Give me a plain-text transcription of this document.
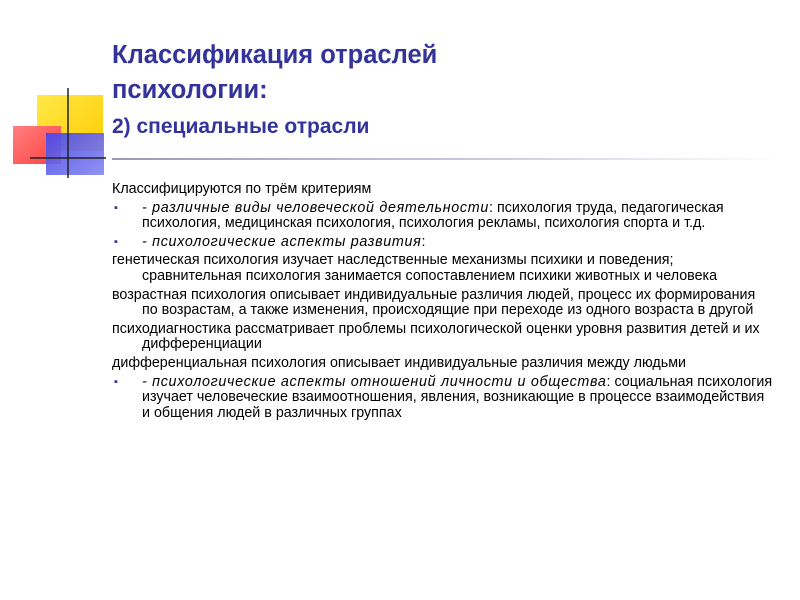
Классификация отраслей
психологии:
2) специальные отрасли
Классифицируются по трём критериям
▪ - различные виды человеческой деятельности: психология труда, педагогическая психология, медицинская психология, психология рекламы, психология спорта и т.д.
▪ - психологические аспекты развития:
генетическая психология изучает наследственные механизмы психики и поведения; сравнительная психология занимается сопоставлением психики животных и человека
возрастная психология описывает индивидуальные различия людей, процесс их формирования по возрастам, а также изменения, происходящие при переходе из одного возраста в другой
психодиагностика рассматривает проблемы психологической оценки уровня развития детей и их дифференциации
дифференциальная психология описывает индивидуальные различия между людьми
▪ - психологические аспекты отношений личности и общества: социальная психология изучает человеческие взаимоотношения, явления, возникающие в процессе взаимодействия и общения людей в различных группах
